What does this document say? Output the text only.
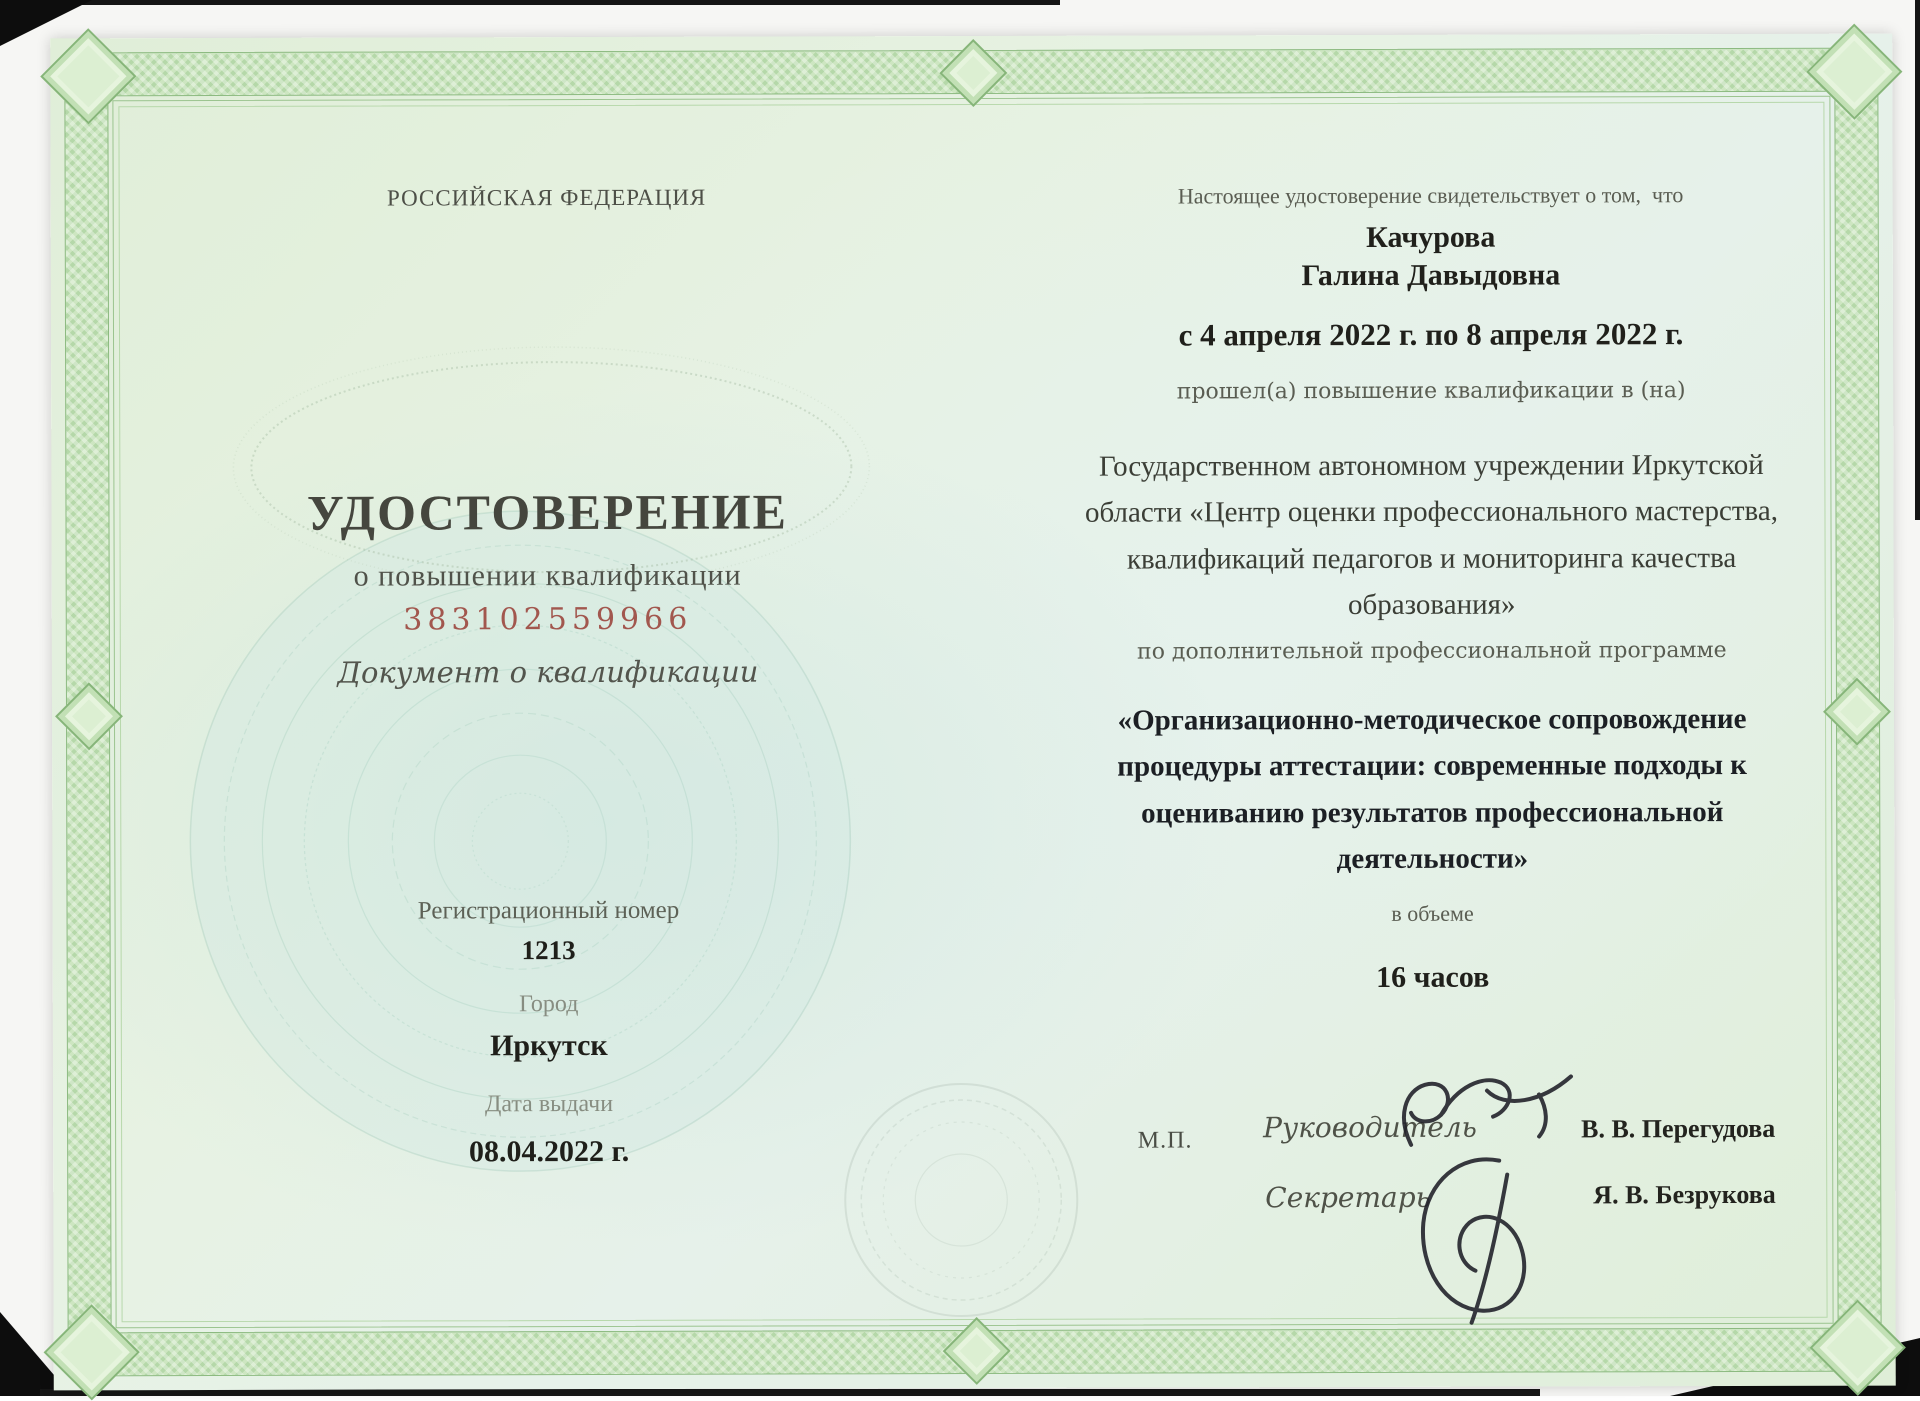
РОССИЙСКАЯ ФЕДЕРАЦИЯ
УДОСТОВЕРЕНИЕ
о повышении квалификации
383102559966
Документ о квалификации
Регистрационный номер
1213
Город
Иркутск
Дата выдачи
08.04.2022 г.
Настоящее удостоверение свидетельствует о том,  что
Качурова
Галина Давыдовна
с 4 апреля 2022 г. по 8 апреля 2022 г.
прошел(а) повышение квалификации в (на)
Государственном автономном учреждении Иркутской области «Центр оценки профессионального мастерства, квалификаций педагогов и мониторинга качества образования»
по дополнительной профессиональной программе
«Организационно-методическое сопровождение процедуры аттестации: современные подходы к оцениванию результатов профессиональной деятельности»
в объеме
16 часов
М.П.	Руководитель	В. В. Перегудова
Секретарь	Я. В. Безрукова
